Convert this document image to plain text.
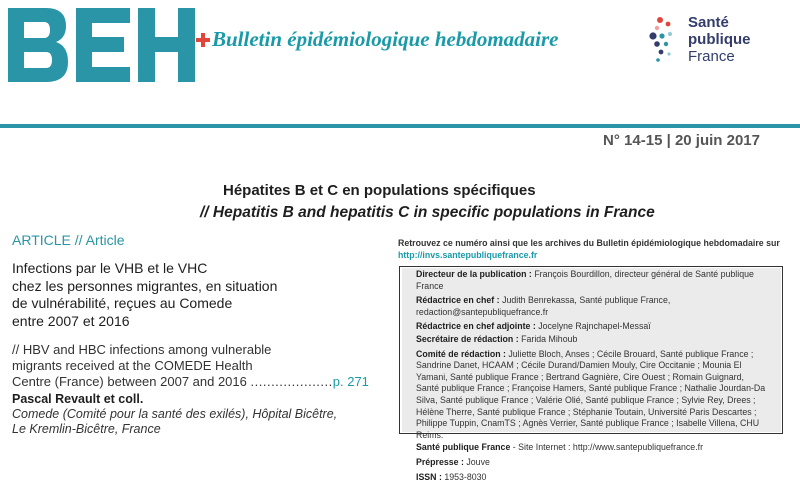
Bulletin épidémiologique hebdomadaire
Santé
publique
France
N° 14-15 | 20 juin 2017
Hépatites B et C en populations spécifiques
// Hepatitis B and hepatitis C in specific populations in France
ARTICLE // Article
Infections par le VHB et le VHC
chez les personnes migrantes, en situation
de vulnérabilité, reçues au Comede
entre 2007 et 2016
// HBV and HBC infections among vulnerable
migrants received at the COMEDE Health
Centre (France) between 2007 and 2016 ....................p. 271
Pascal Revault et coll.
Comede (Comité pour la santé des exilés), Hôpital Bicêtre,
Le Kremlin-Bicêtre, France
Retrouvez ce numéro ainsi que les archives du Bulletin épidémiologique hebdomadaire sur
http://invs.santepubliquefrance.fr

Directeur de la publication : François Bourdillon, directeur général de Santé publique France

Rédactrice en chef : Judith Benrekassa, Santé publique France, redaction@santepubliquefrance.fr

Rédactrice en chef adjointe : Jocelyne Rajnchapel-Messaï

Secrétaire de rédaction : Farida Mihoub

Comité de rédaction : Juliette Bloch, Anses ; Cécile Brouard, Santé publique France ; Sandrine Danet, HCAAM ; Cécile Durand/Damien Mouly, Cire Occitanie ; Mounia El Yamani, Santé publique France ; Bertrand Gagnière, Cire Ouest ; Romain Guignard, Santé publique France ; Françoise Hamers, Santé publique France ; Nathalie Jourdan-Da Silva, Santé publique France ; Valérie Olié, Santé publique France ; Sylvie Rey, Drees ; Hélène Therre, Santé publique France ; Stéphanie Toutain, Université Paris Descartes ; Philippe Tuppin, CnamTS ; Agnès Verrier, Santé publique France ; Isabelle Villena, CHU Reims.

Santé publique France - Site Internet : http://www.santepubliquefrance.fr

Prépresse : Jouve

ISSN : 1953-8030
